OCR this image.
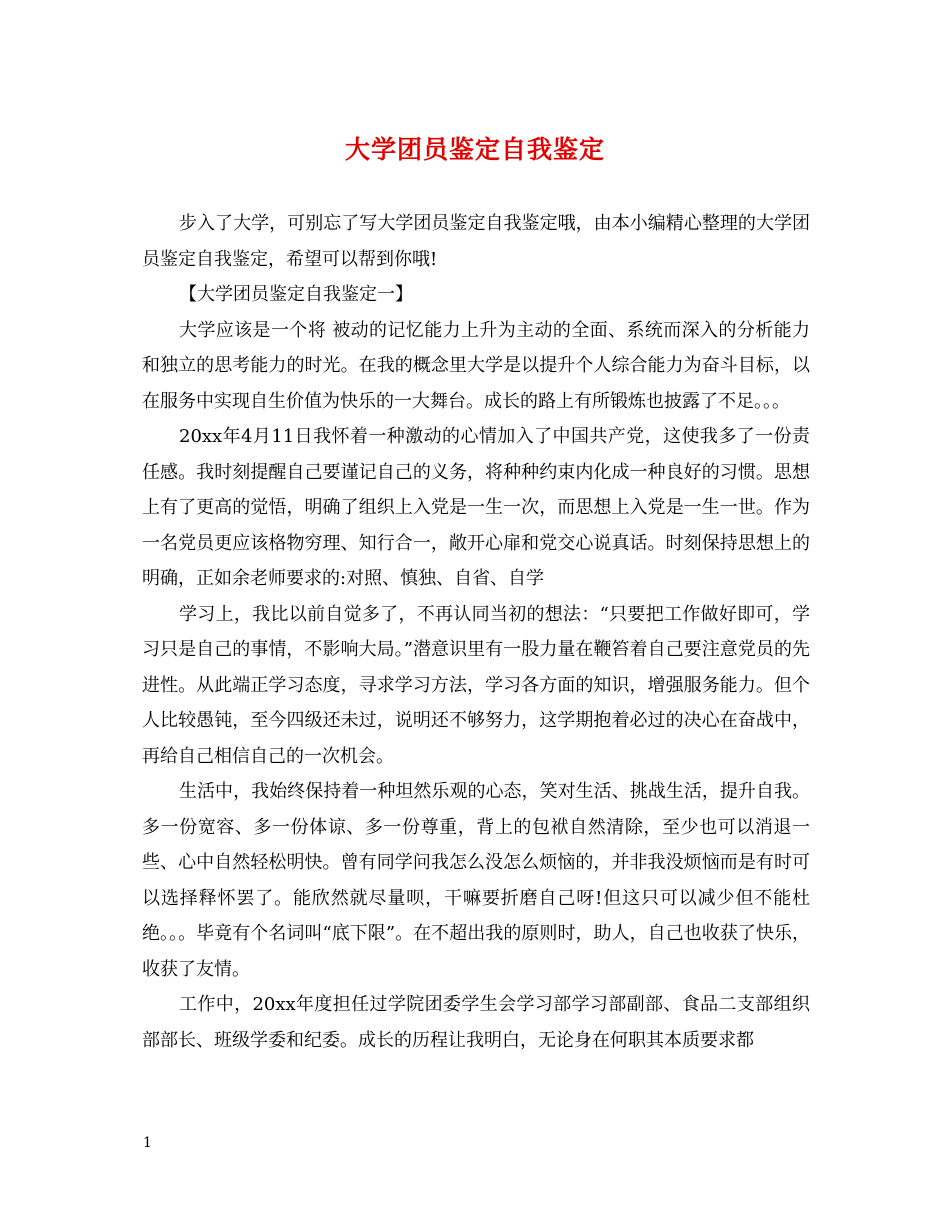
大学团员鉴定自我鉴定

步入了大学，可别忘了写大学团员鉴定自我鉴定哦，由本小编精心整理的大学团员鉴定自我鉴定，希望可以帮到你哦!

【大学团员鉴定自我鉴定一】

大学应该是一个将 被动的记忆能力上升为主动的全面、系统而深入的分析能力和独立的思考能力的时光。在我的概念里大学是以提升个人综合能力为奋斗目标，以在服务中实现自生价值为快乐的一大舞台。成长的路上有所锻炼也披露了不足。。。

20xx年4月11日我怀着一种激动的心情加入了中国共产党，这使我多了一份责任感。我时刻提醒自己要谨记自己的义务，将种种约束内化成一种良好的习惯。思想上有了更高的觉悟，明确了组织上入党是一生一次，而思想上入党是一生一世。作为一名党员更应该格物穷理、知行合一，敞开心扉和党交心说真话。时刻保持思想上的明确，正如余老师要求的:对照、慎独、自省、自学

学习上，我比以前自觉多了，不再认同当初的想法：“只要把工作做好即可，学习只是自己的事情，不影响大局。”潜意识里有一股力量在鞭笞着自己要注意党员的先进性。从此端正学习态度，寻求学习方法，学习各方面的知识，增强服务能力。但个人比较愚钝，至今四级还未过，说明还不够努力，这学期抱着必过的决心在奋战中，再给自己相信自己的一次机会。

生活中，我始终保持着一种坦然乐观的心态，笑对生活、挑战生活，提升自我。多一份宽容、多一份体谅、多一份尊重，背上的包袱自然清除，至少也可以消退一些、心中自然轻松明快。曾有同学问我怎么没怎么烦恼的，并非我没烦恼而是有时可以选择释怀罢了。能欣然就尽量呗，干嘛要折磨自己呀!但这只可以减少但不能杜绝。。。毕竟有个名词叫“底下限”。在不超出我的原则时，助人，自己也收获了快乐，收获了友情。

工作中，20xx年度担任过学院团委学生会学习部学习部副部、食品二支部组织部部长、班级学委和纪委。成长的历程让我明白，无论身在何职其本质要求都

1
